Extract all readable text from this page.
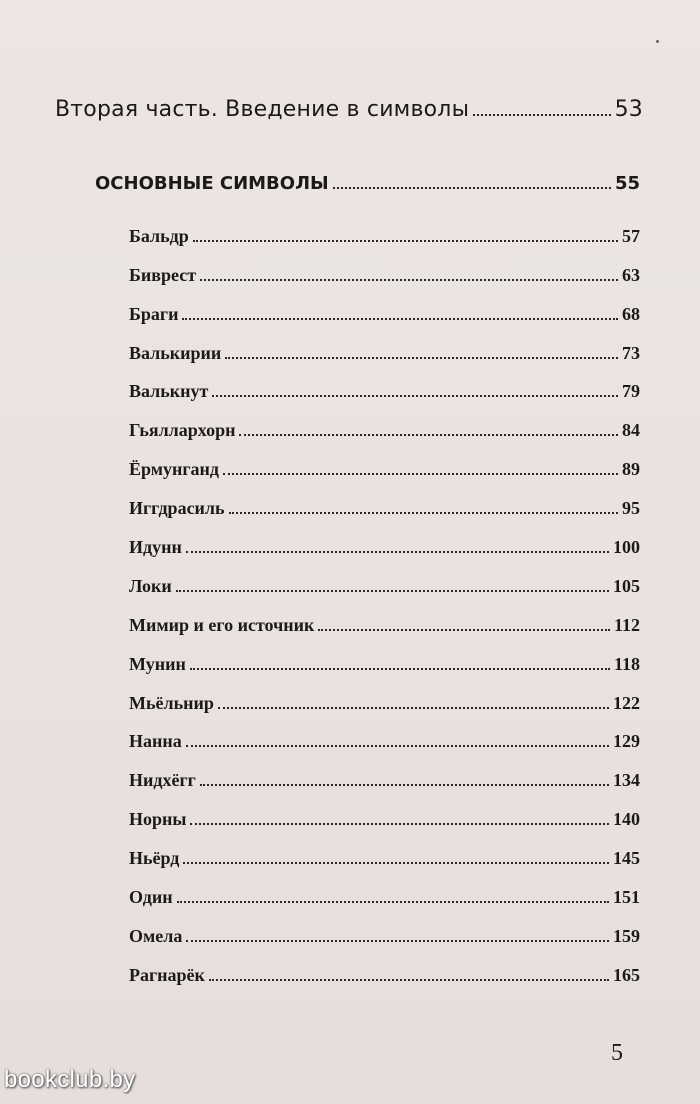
Вторая часть. Введение в символы	53
ОСНОВНЫЕ СИМВОЛЫ	55
Бальдр	57
Биврест	63
Браги	68
Валькирии	73
Валькнут	79
Гьяллархорн	84
Ёрмунганд	89
Иггдрасиль	95
Идунн	100
Локи	105
Мимир и его источник	112
Мунин	118
Мьёльнир	122
Нанна	129
Нидхёгг	134
Норны	140
Ньёрд	145
Один	151
Омела	159
Рагнарёк	165
5
bookclub.by
